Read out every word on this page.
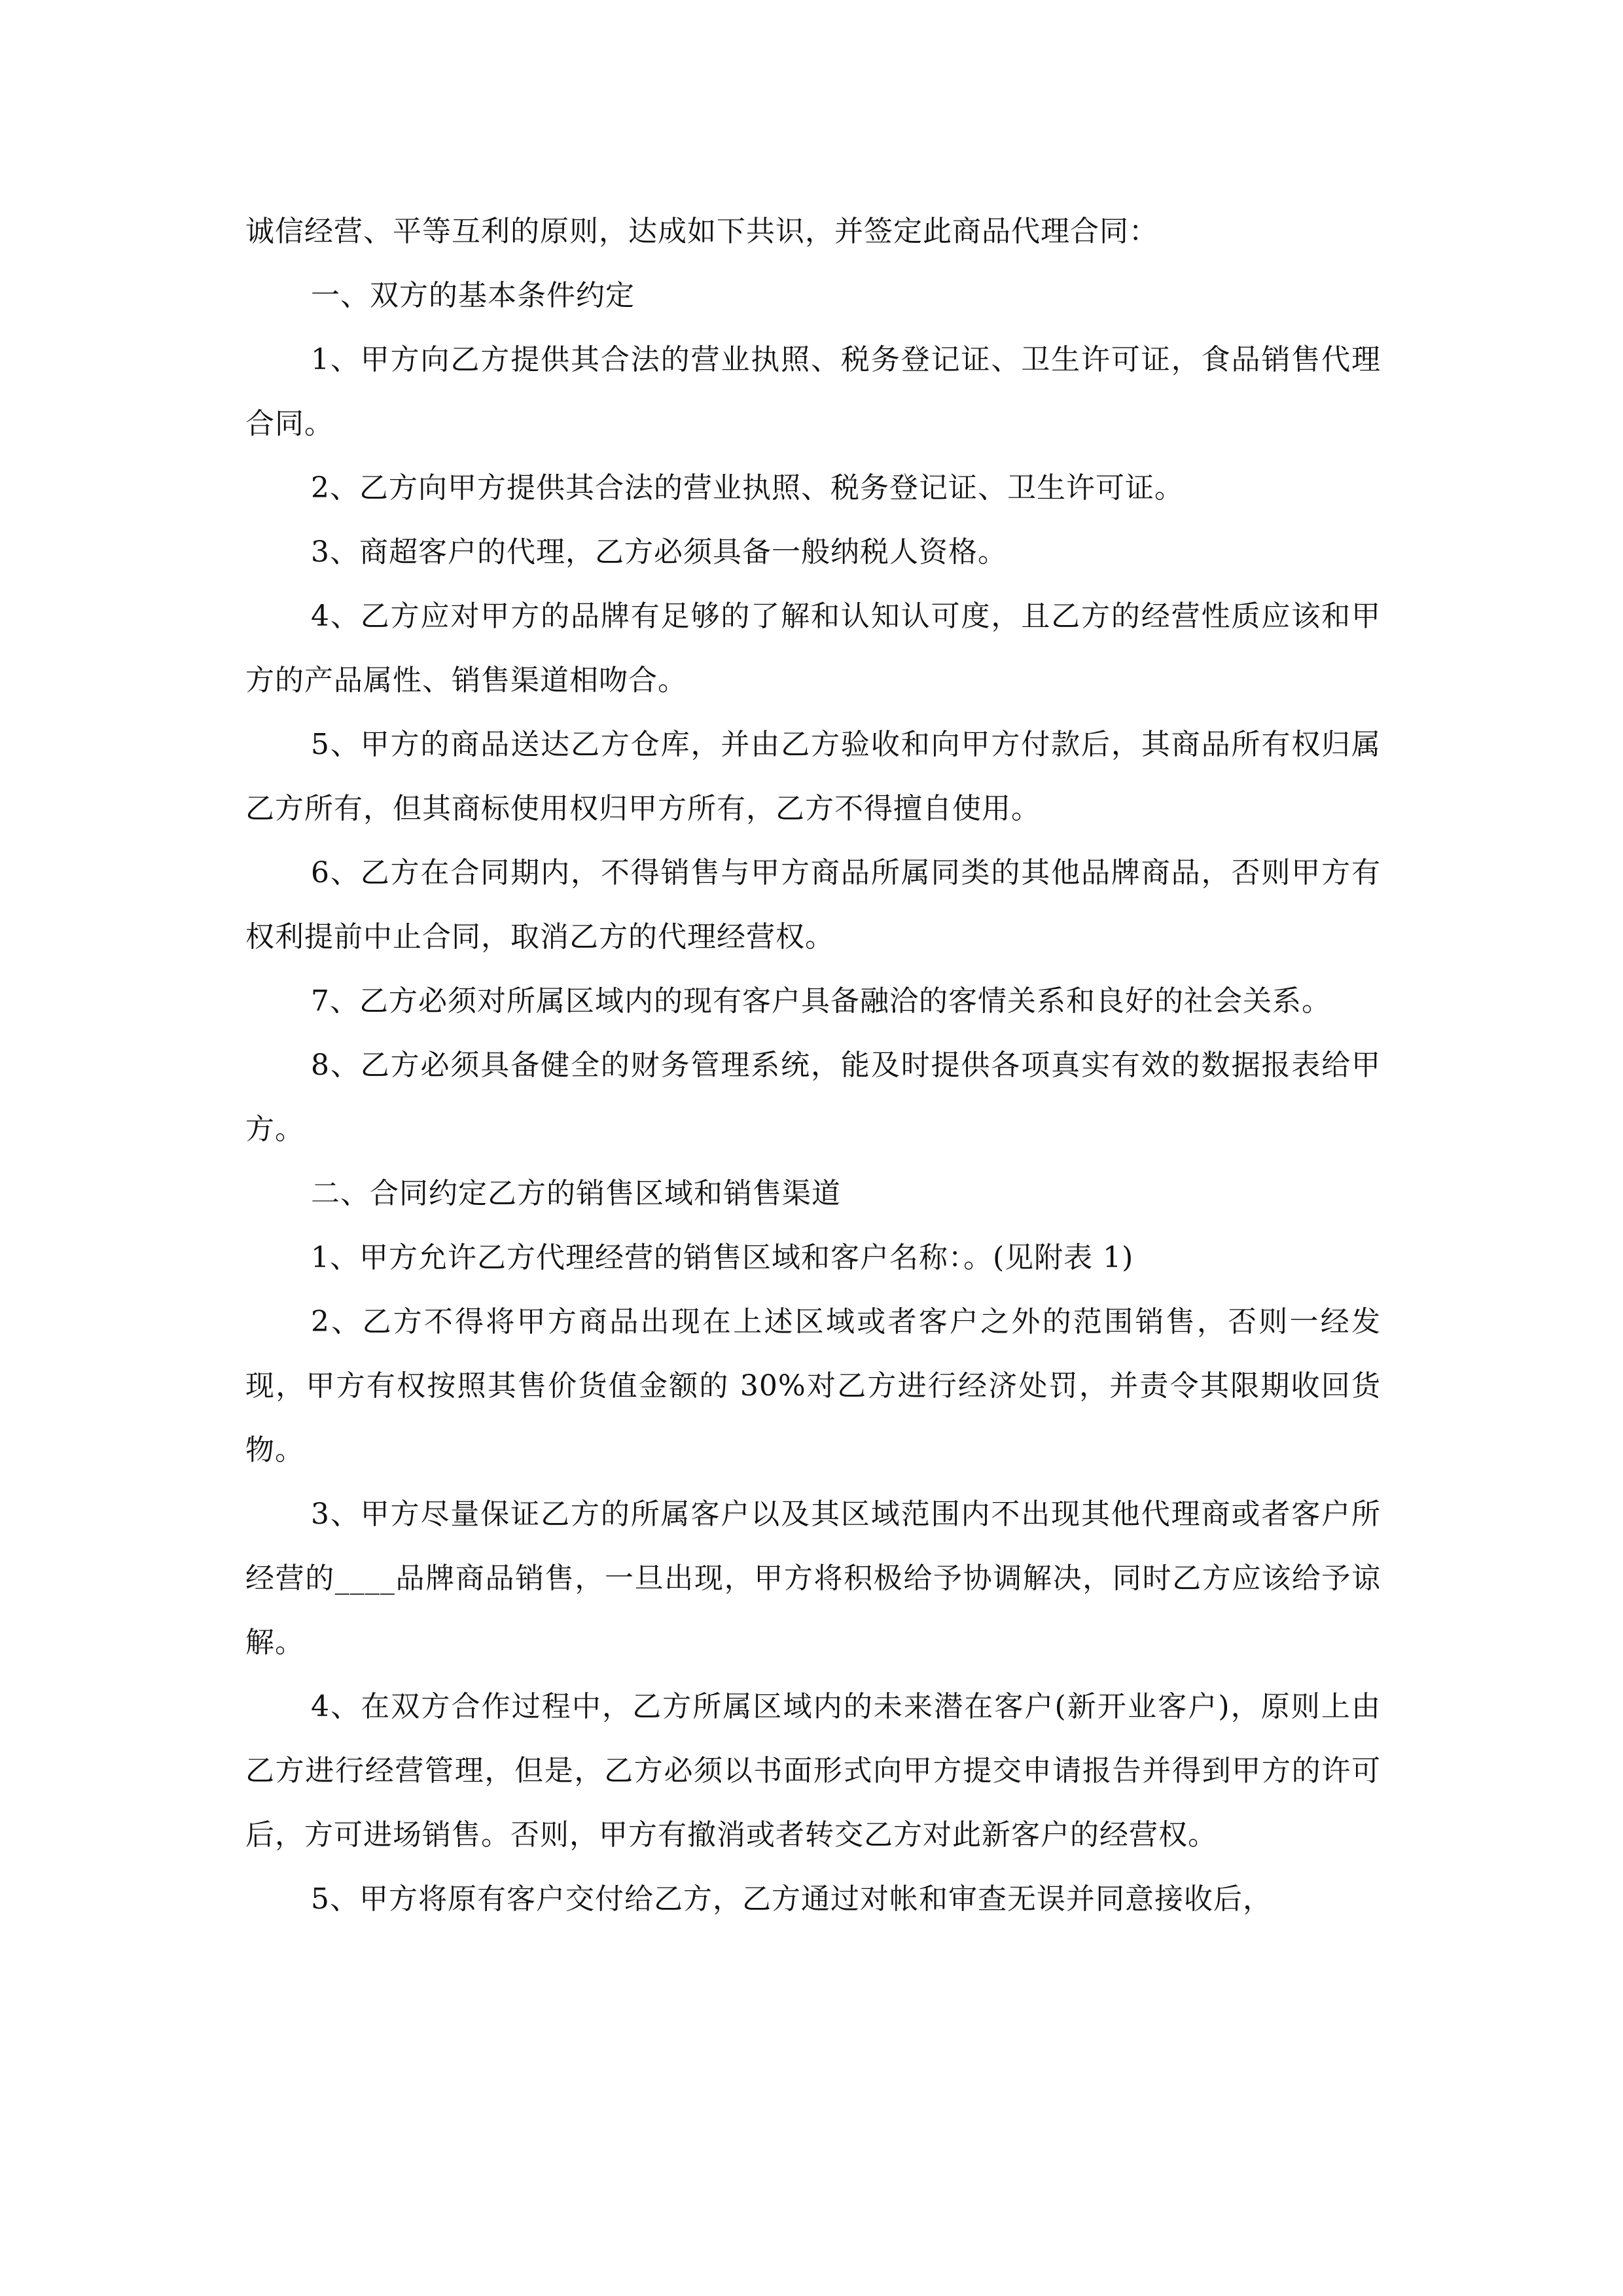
诚信经营、平等互利的原则，达成如下共识，并签定此商品代理合同：

一、双方的基本条件约定

1、甲方向乙方提供其合法的营业执照、税务登记证、卫生许可证，食品销售代理合同。

2、乙方向甲方提供其合法的营业执照、税务登记证、卫生许可证。

3、商超客户的代理，乙方必须具备一般纳税人资格。

4、乙方应对甲方的品牌有足够的了解和认知认可度，且乙方的经营性质应该和甲方的产品属性、销售渠道相吻合。

5、甲方的商品送达乙方仓库，并由乙方验收和向甲方付款后，其商品所有权归属乙方所有，但其商标使用权归甲方所有，乙方不得擅自使用。

6、乙方在合同期内，不得销售与甲方商品所属同类的其他品牌商品，否则甲方有权利提前中止合同，取消乙方的代理经营权。

7、乙方必须对所属区域内的现有客户具备融洽的客情关系和良好的社会关系。

8、乙方必须具备健全的财务管理系统，能及时提供各项真实有效的数据报表给甲方。

二、合同约定乙方的销售区域和销售渠道

1、甲方允许乙方代理经营的销售区域和客户名称：。(见附表 1)

2、乙方不得将甲方商品出现在上述区域或者客户之外的范围销售，否则一经发现，甲方有权按照其售价货值金额的 30%对乙方进行经济处罚，并责令其限期收回货物。

3、甲方尽量保证乙方的所属客户以及其区域范围内不出现其他代理商或者客户所经营的____品牌商品销售，一旦出现，甲方将积极给予协调解决，同时乙方应该给予谅解。

4、在双方合作过程中，乙方所属区域内的未来潜在客户(新开业客户)，原则上由乙方进行经营管理，但是，乙方必须以书面形式向甲方提交申请报告并得到甲方的许可后，方可进场销售。否则，甲方有撤消或者转交乙方对此新客户的经营权。

5、甲方将原有客户交付给乙方，乙方通过对帐和审查无误并同意接收后，
